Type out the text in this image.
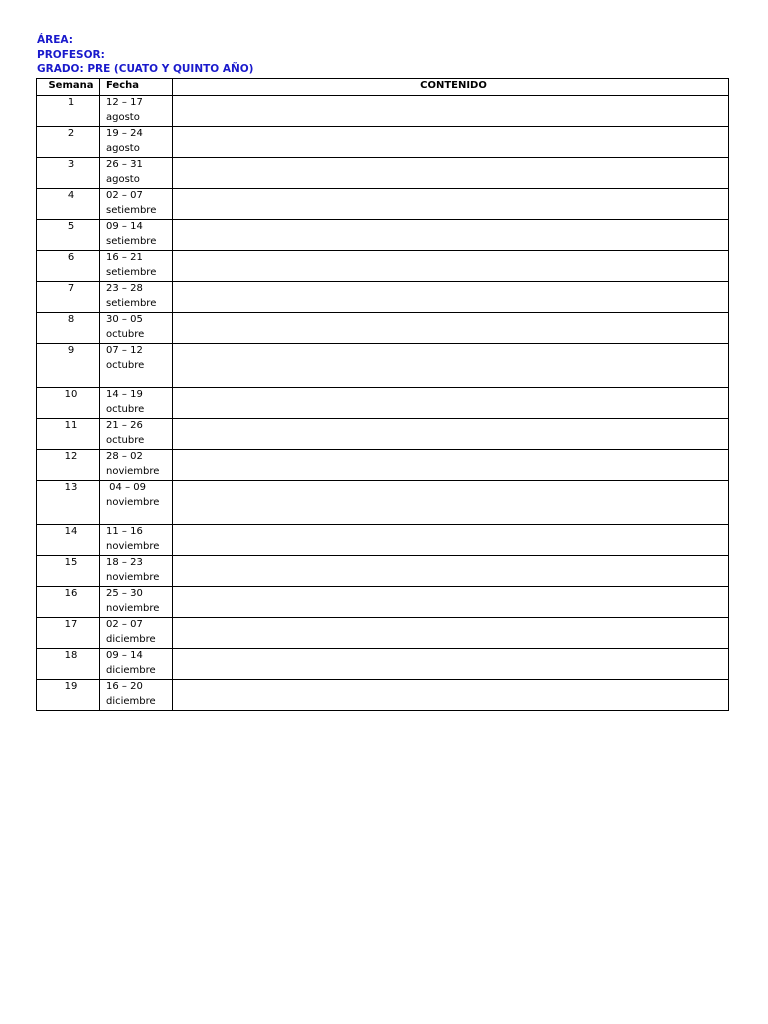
ÁREA:
PROFESOR:
GRADO: PRE (CUATO Y QUINTO AÑO)
Semana	Fecha	CONTENIDO
1	12 – 17
agosto	

2	19 – 24
agosto	

3	26 – 31
agosto	

4	02 – 07
setiembre	

5	09 – 14
setiembre	

6	16 – 21
setiembre	

7	23 – 28
setiembre	

8	30 – 05
octubre	

9	07 – 12
octubre	

10	14 – 19
octubre	

11	21 – 26
octubre	

12	28 – 02
noviembre	

13	04 – 09
noviembre	

14	11 – 16
noviembre	

15	18 – 23
noviembre	

16	25 – 30
noviembre	

17	02 – 07
diciembre	

18	09 – 14
diciembre	

19	16 – 20
diciembre	
